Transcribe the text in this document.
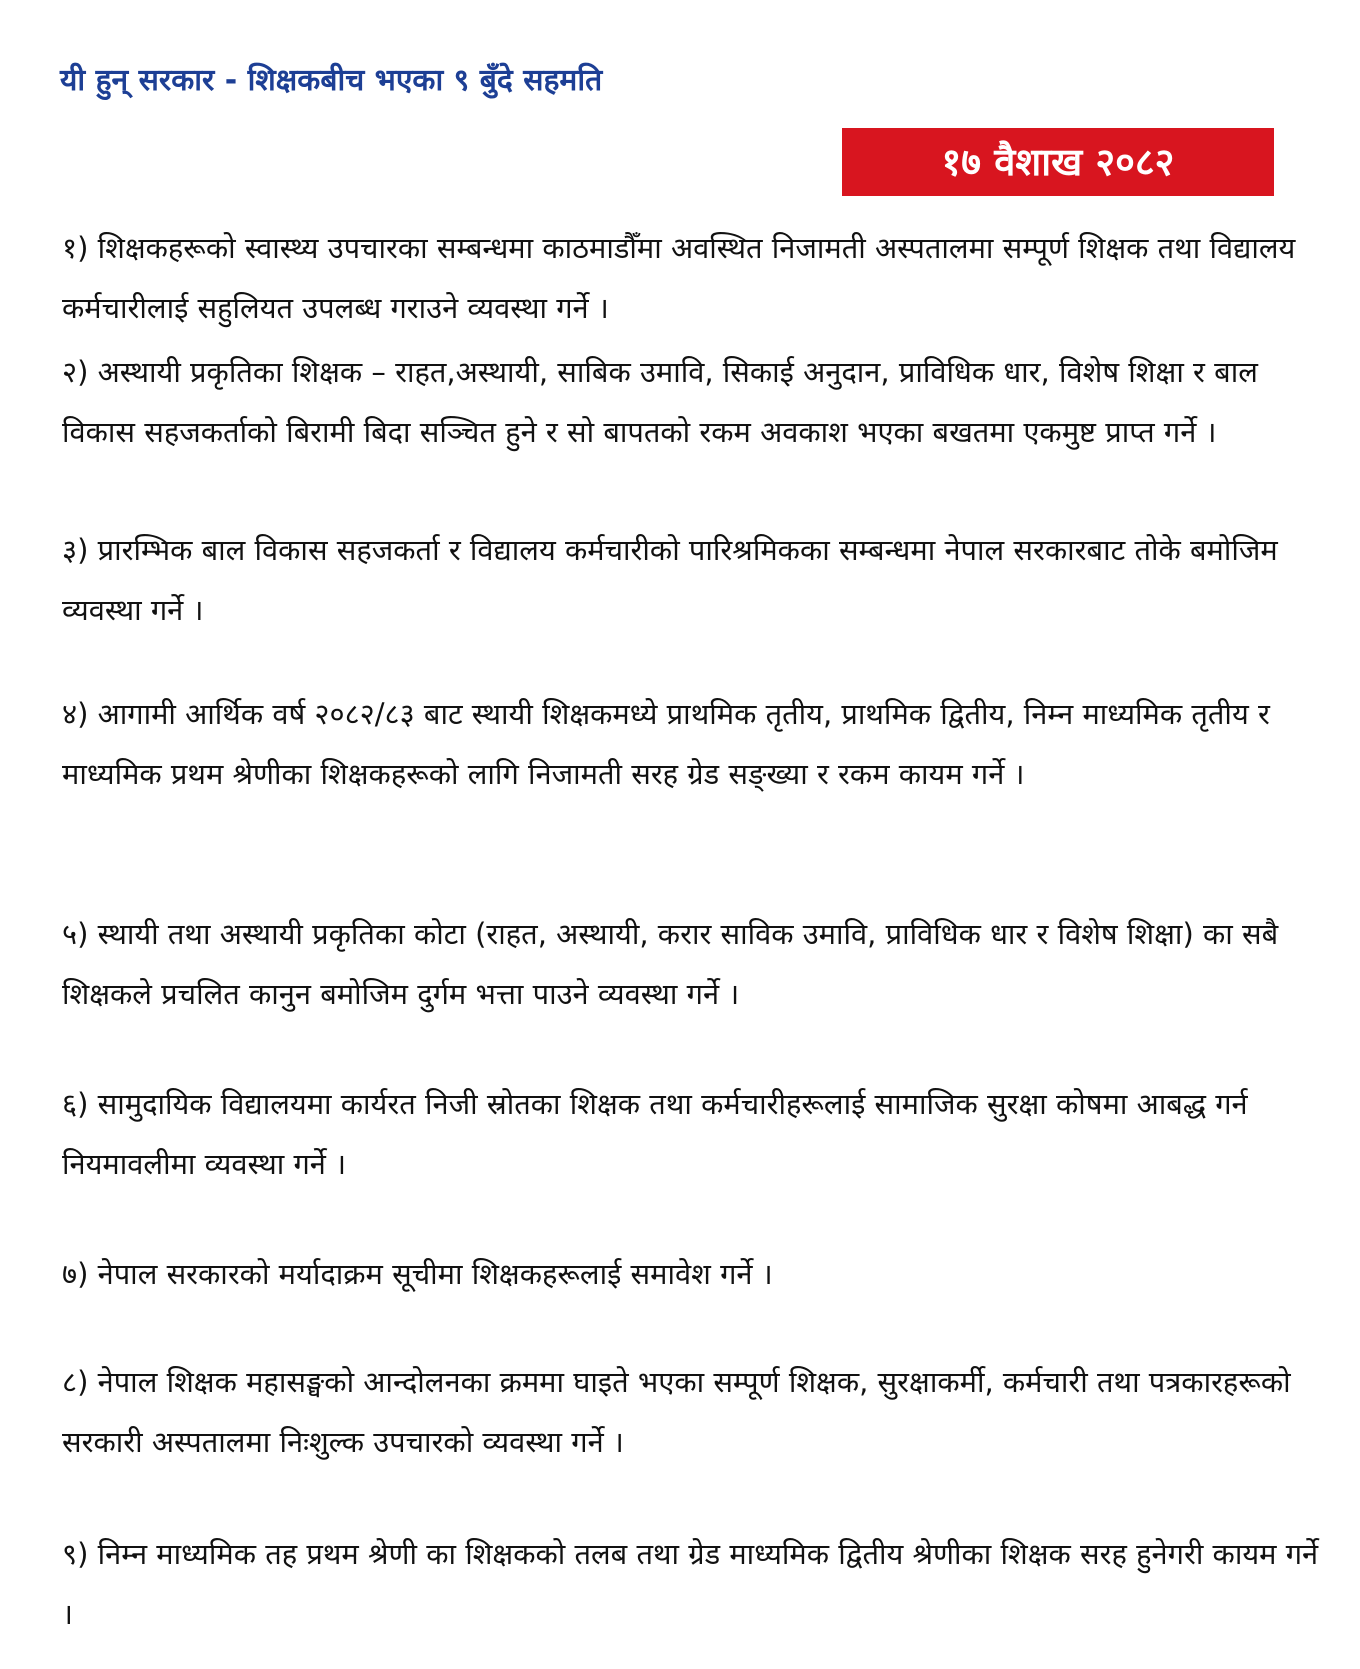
यी हुन् सरकार - शिक्षकबीच भएका ९ बुँदे सहमति
१७ वैशाख २०८२
१) शिक्षकहरूको स्वास्थ्य उपचारका सम्बन्धमा काठमाडौँमा अवस्थित निजामती अस्पतालमा सम्पूर्ण शिक्षक तथा विद्यालय कर्मचारीलाई सहुलियत उपलब्ध गराउने व्यवस्था गर्ने ।
२) अस्थायी प्रकृतिका शिक्षक – राहत,अस्थायी, साबिक उमावि, सिकाई अनुदान, प्राविधिक धार, विशेष शिक्षा र बाल विकास सहजकर्ताको बिरामी बिदा सञ्चित हुने र सो बापतको रकम अवकाश भएका बखतमा एकमुष्ट प्राप्त गर्ने ।
३) प्रारम्भिक बाल विकास सहजकर्ता र विद्यालय कर्मचारीको पारिश्रमिकका सम्बन्धमा नेपाल सरकारबाट तोके बमोजिम व्यवस्था गर्ने ।
४) आगामी आर्थिक वर्ष २०८२/८३ बाट स्थायी शिक्षकमध्ये प्राथमिक तृतीय, प्राथमिक द्वितीय, निम्न माध्यमिक तृतीय र माध्यमिक प्रथम श्रेणीका शिक्षकहरूको लागि निजामती सरह ग्रेड सङ्ख्या र रकम कायम गर्ने ।
५) स्थायी तथा अस्थायी प्रकृतिका कोटा (राहत, अस्थायी, करार साविक उमावि, प्राविधिक धार र विशेष शिक्षा) का सबै शिक्षकले प्रचलित कानुन बमोजिम दुर्गम भत्ता पाउने व्यवस्था गर्ने ।
६) सामुदायिक विद्यालयमा कार्यरत निजी स्रोतका शिक्षक तथा कर्मचारीहरूलाई सामाजिक सुरक्षा कोषमा आबद्ध गर्न नियमावलीमा व्यवस्था गर्ने ।
७) नेपाल सरकारको मर्यादाक्रम सूचीमा शिक्षकहरूलाई समावेश गर्ने ।
८) नेपाल शिक्षक महासङ्घको आन्दोलनका क्रममा घाइते भएका सम्पूर्ण शिक्षक, सुरक्षाकर्मी, कर्मचारी तथा पत्रकारहरूको सरकारी अस्पतालमा निःशुल्क उपचारको व्यवस्था गर्ने ।
९) निम्न माध्यमिक तह प्रथम श्रेणी का शिक्षकको तलब तथा ग्रेड माध्यमिक द्वितीय श्रेणीका शिक्षक सरह हुनेगरी कायम गर्ने ।
